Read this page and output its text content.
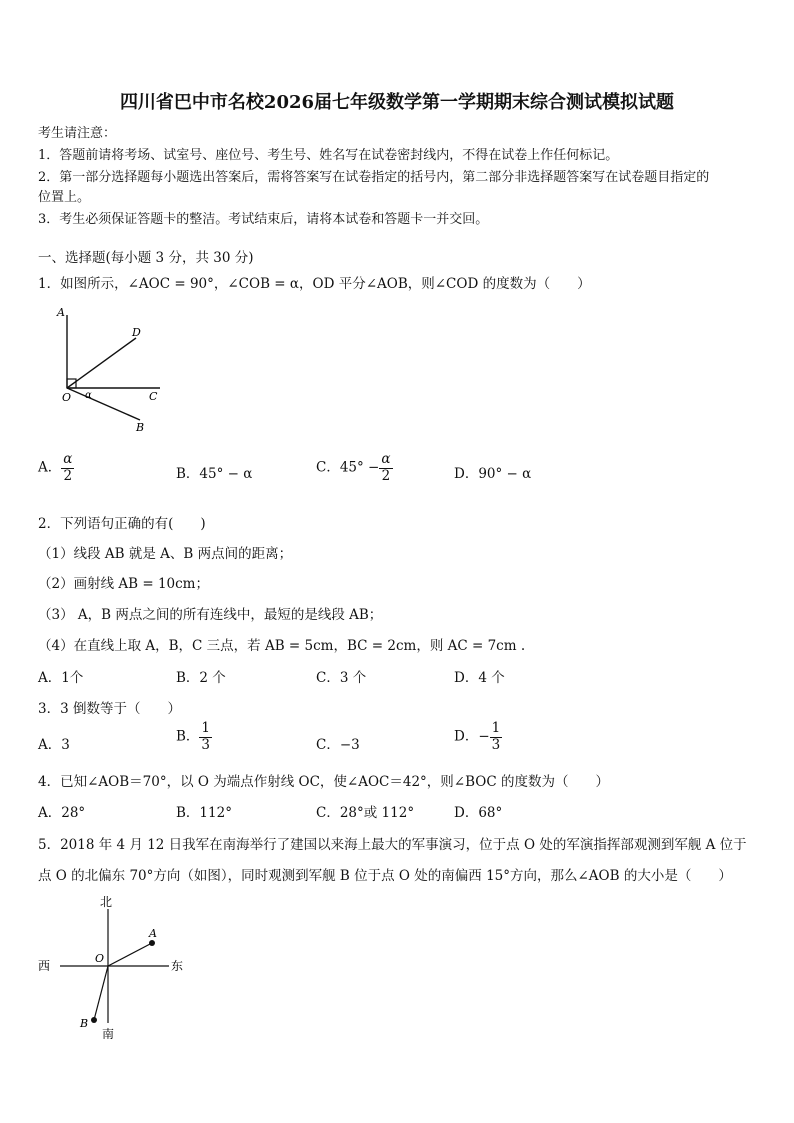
四川省巴中市名校2026届七年级数学第一学期期末综合测试模拟试题
考生请注意：
1．答题前请将考场、试室号、座位号、考生号、姓名写在试卷密封线内，不得在试卷上作任何标记。
2．第一部分选择题每小题选出答案后，需将答案写在试卷指定的括号内，第二部分非选择题答案写在试卷题目指定的
位置上。
3．考生必须保证答题卡的整洁。考试结束后，请将本试卷和答题卡一并交回。
一、选择题(每小题 3 分，共 30 分)
1．如图所示，∠AOC = 90°，∠COB = α，OD 平分∠AOB，则∠COD 的度数为（　　）
A
D
O	C
B
α
A． $\frac{\alpha}{2}$	B．45° − α	C．$45^\circ - \frac{\alpha}{2}$	D．90° − α
2．下列语句正确的有(　　)
（1）线段 AB 就是 A、B 两点间的距离；
（2）画射线 AB = 10cm；
（3） A，B 两点之间的所有连线中，最短的是线段 AB；
（4）在直线上取 A，B，C 三点，若 AB = 5cm，BC = 2cm，则 AC = 7cm .
A．1个	B．2 个	C．3 个	D．4 个
3．3 倒数等于（　　）
A．3
B． $\frac{1}{3}$	C．−3
D．− $\frac{1}{3}$
4．已知∠AOB＝70°，以 O 为端点作射线 OC，使∠AOC＝42°，则∠BOC 的度数为（　　）
A．28°	B．112°	C．28°或 112°	D．68°
5．2018 年 4 月 12 日我军在南海举行了建国以来海上最大的军事演习，位于点 O 处的军演指挥部观测到军舰 A 位于
点 O 的北偏东 70°方向（如图），同时观测到军舰 B 位于点 O 处的南偏西 15°方向，那么∠AOB 的大小是（　　）
北
南
西	东
O
A
B
